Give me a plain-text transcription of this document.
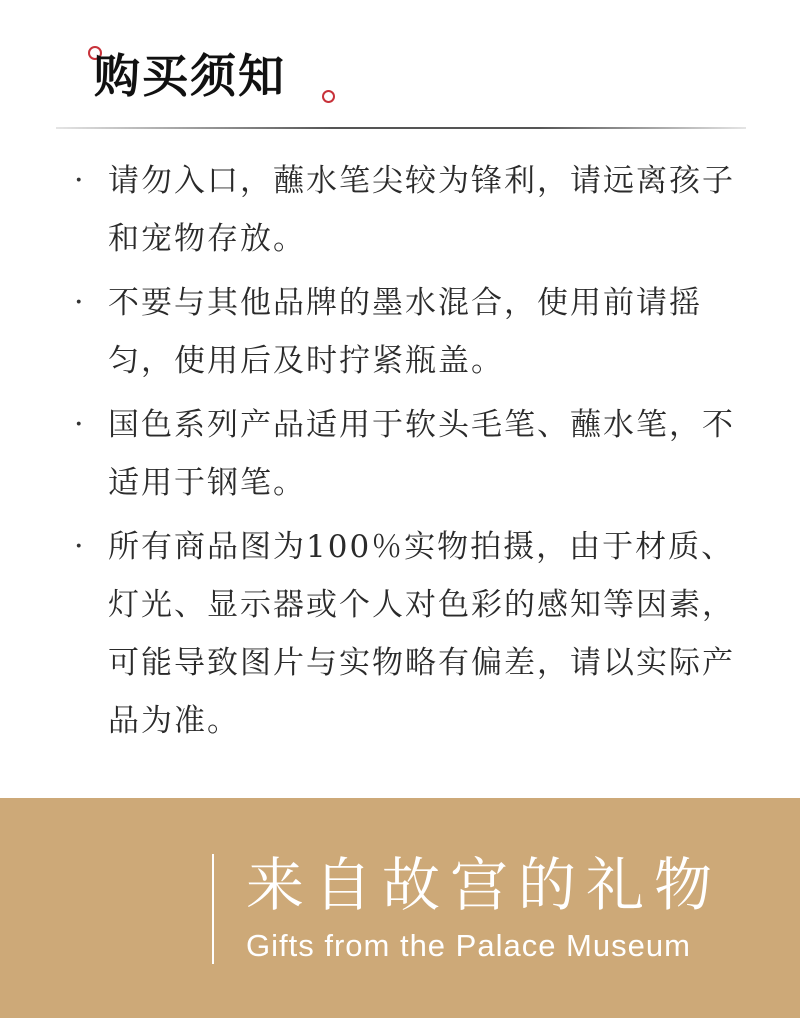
购买须知
· 请勿入口，蘸水笔尖较为锋利，请远离孩子和宠物存放。
· 不要与其他品牌的墨水混合，使用前请摇匀，使用后及时拧紧瓶盖。
· 国色系列产品适用于软头毛笔、蘸水笔，不适用于钢笔。
· 所有商品图为100％实物拍摄，由于材质、灯光、显示器或个人对色彩的感知等因素，可能导致图片与实物略有偏差，请以实际产品为准。
来自故宫的礼物
Gifts from the Palace Museum
